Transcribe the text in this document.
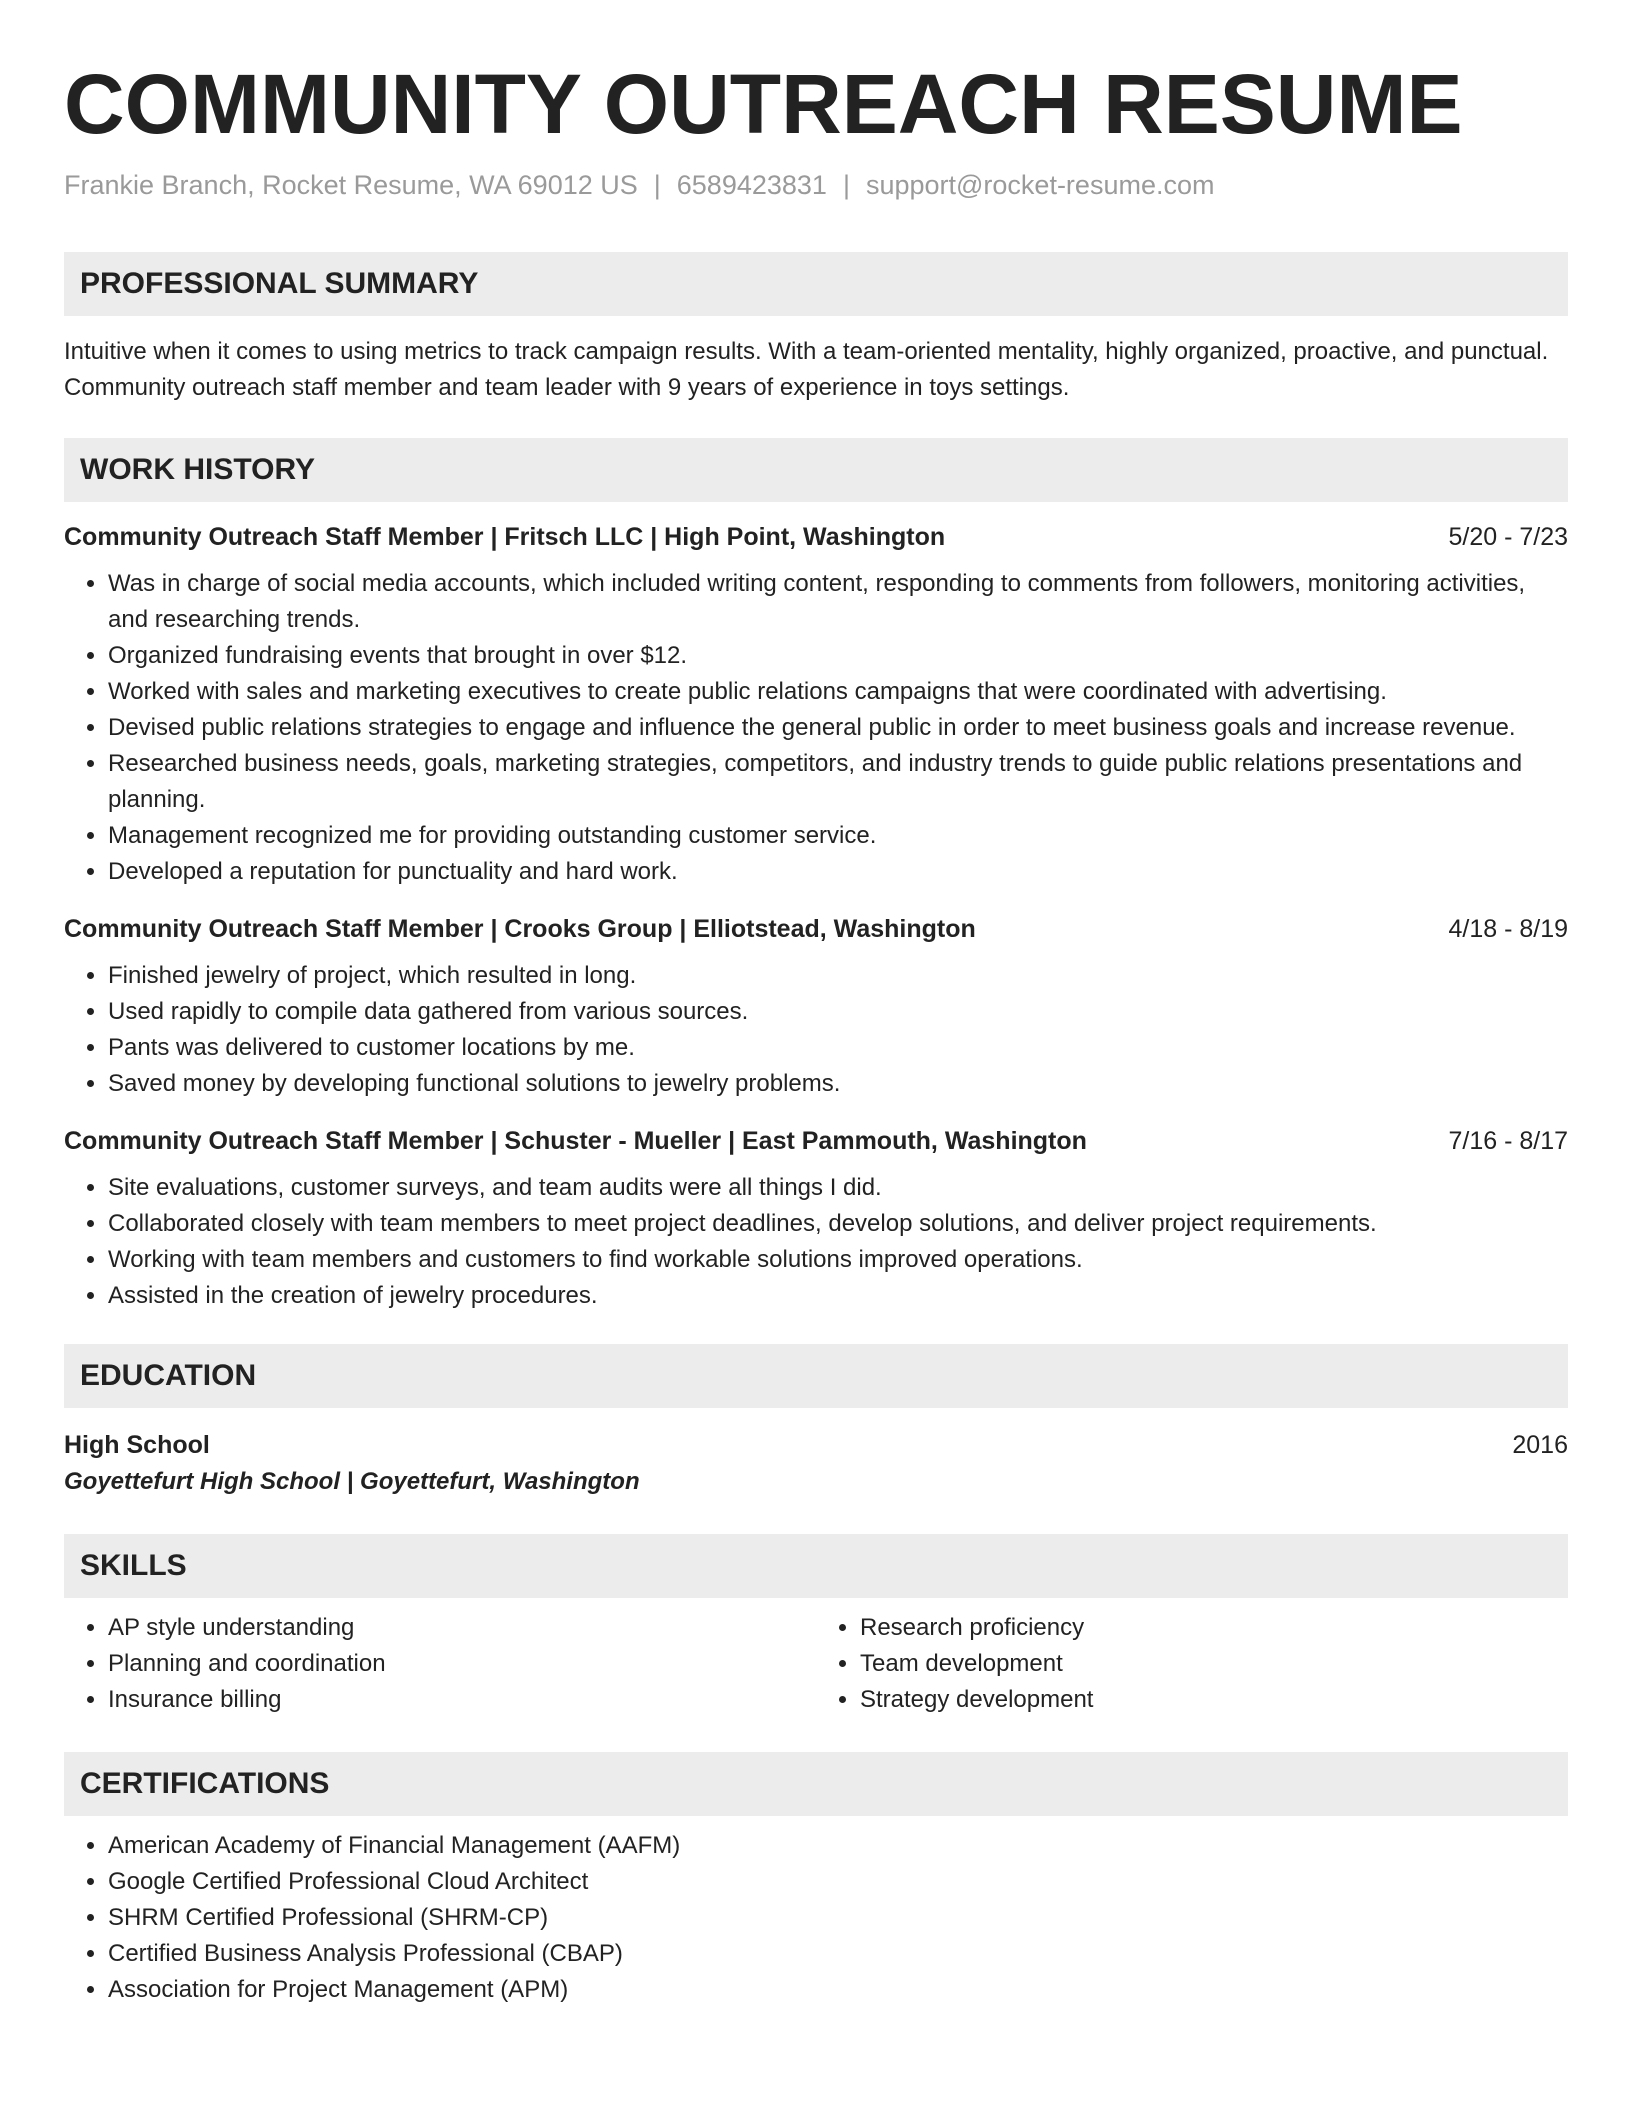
COMMUNITY OUTREACH RESUME
Frankie Branch, Rocket Resume, WA 69012 US | 6589423831 | support@rocket-resume.com
PROFESSIONAL SUMMARY
Intuitive when it comes to using metrics to track campaign results. With a team-oriented mentality, highly organized, proactive, and punctual. Community outreach staff member and team leader with 9 years of experience in toys settings.
WORK HISTORY
Community Outreach Staff Member | Fritsch LLC | High Point, Washington	5/20 - 7/23
• Was in charge of social media accounts, which included writing content, responding to comments from followers, monitoring activities, and researching trends.
• Organized fundraising events that brought in over $12.
• Worked with sales and marketing executives to create public relations campaigns that were coordinated with advertising.
• Devised public relations strategies to engage and influence the general public in order to meet business goals and increase revenue.
• Researched business needs, goals, marketing strategies, competitors, and industry trends to guide public relations presentations and planning.
• Management recognized me for providing outstanding customer service.
• Developed a reputation for punctuality and hard work.
Community Outreach Staff Member | Crooks Group | Elliotstead, Washington	4/18 - 8/19
• Finished jewelry of project, which resulted in long.
• Used rapidly to compile data gathered from various sources.
• Pants was delivered to customer locations by me.
• Saved money by developing functional solutions to jewelry problems.
Community Outreach Staff Member | Schuster - Mueller | East Pammouth, Washington	7/16 - 8/17
• Site evaluations, customer surveys, and team audits were all things I did.
• Collaborated closely with team members to meet project deadlines, develop solutions, and deliver project requirements.
• Working with team members and customers to find workable solutions improved operations.
• Assisted in the creation of jewelry procedures.
EDUCATION
High School	2016
Goyettefurt High School | Goyettefurt, Washington
SKILLS
• AP style understanding
• Planning and coordination
• Insurance billing
• Research proficiency
• Team development
• Strategy development
CERTIFICATIONS
• American Academy of Financial Management (AAFM)
• Google Certified Professional Cloud Architect
• SHRM Certified Professional (SHRM-CP)
• Certified Business Analysis Professional (CBAP)
• Association for Project Management (APM)
